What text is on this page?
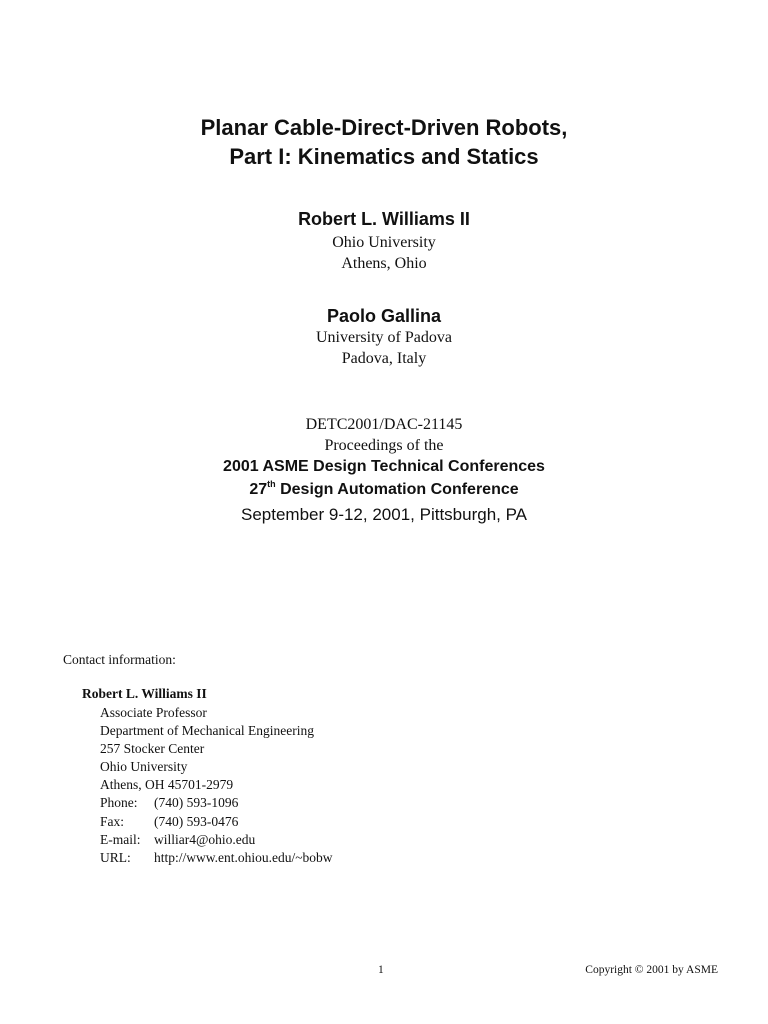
Planar Cable-Direct-Driven Robots,
Part I: Kinematics and Statics
Robert L. Williams II
Ohio University
Athens, Ohio
Paolo Gallina
University of Padova
Padova, Italy
DETC2001/DAC-21145
Proceedings of the
2001 ASME Design Technical Conferences
27th Design Automation Conference
September 9-12, 2001, Pittsburgh, PA
Contact information:
Robert L. Williams II
Associate Professor
Department of Mechanical Engineering
257 Stocker Center
Ohio University
Athens, OH 45701-2979
Phone: (740) 593-1096
Fax: (740) 593-0476
E-mail: williar4@ohio.edu
URL: http://www.ent.ohiou.edu/~bobw
1	Copyright © 2001 by ASME
